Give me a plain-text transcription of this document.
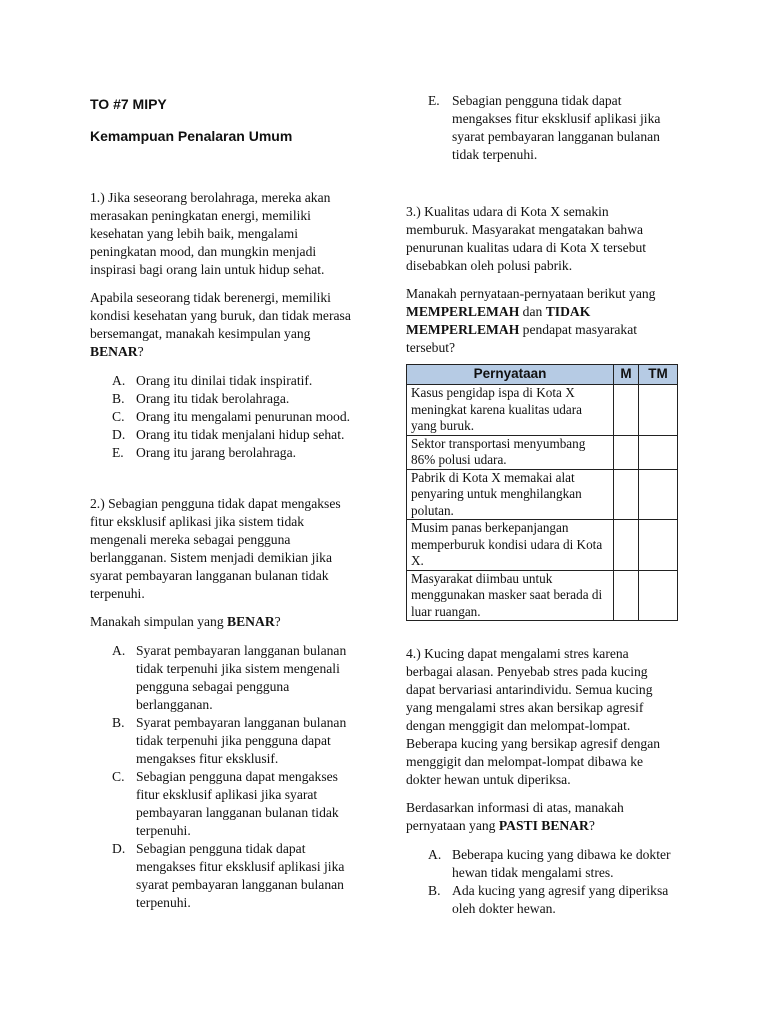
TO #7 MIPY
Kemampuan Penalaran Umum

1.) Jika seseorang berolahraga, mereka akan merasakan peningkatan energi, memiliki kesehatan yang lebih baik, mengalami peningkatan mood, dan mungkin menjadi inspirasi bagi orang lain untuk hidup sehat.

Apabila seseorang tidak berenergi, memiliki kondisi kesehatan yang buruk, dan tidak merasa bersemangat, manakah kesimpulan yang BENAR?

A. Orang itu dinilai tidak inspiratif.
B. Orang itu tidak berolahraga.
C. Orang itu mengalami penurunan mood.
D. Orang itu tidak menjalani hidup sehat.
E. Orang itu jarang berolahraga.

2.) Sebagian pengguna tidak dapat mengakses fitur eksklusif aplikasi jika sistem tidak mengenali mereka sebagai pengguna berlangganan. Sistem menjadi demikian jika syarat pembayaran langganan bulanan tidak terpenuhi.

Manakah simpulan yang BENAR?

A. Syarat pembayaran langganan bulanan tidak terpenuhi jika sistem mengenali pengguna sebagai pengguna berlangganan.
B. Syarat pembayaran langganan bulanan tidak terpenuhi jika pengguna dapat mengakses fitur eksklusif.
C. Sebagian pengguna dapat mengakses fitur eksklusif aplikasi jika syarat pembayaran langganan bulanan tidak terpenuhi.
D. Sebagian pengguna tidak dapat mengakses fitur eksklusif aplikasi jika syarat pembayaran langganan bulanan terpenuhi.
E. Sebagian pengguna tidak dapat mengakses fitur eksklusif aplikasi jika syarat pembayaran langganan bulanan tidak terpenuhi.

3.) Kualitas udara di Kota X semakin memburuk. Masyarakat mengatakan bahwa penurunan kualitas udara di Kota X tersebut disebabkan oleh polusi pabrik.

Manakah pernyataan-pernyataan berikut yang MEMPERLEMAH dan TIDAK MEMPERLEMAH pendapat masyarakat tersebut?

Pernyataan	M	TM
Kasus pengidap ispa di Kota X meningkat karena kualitas udara yang buruk.		
Sektor transportasi menyumbang 86% polusi udara.		
Pabrik di Kota X memakai alat penyaring untuk menghilangkan polutan.		
Musim panas berkepanjangan memperburuk kondisi udara di Kota X.		
Masyarakat diimbau untuk menggunakan masker saat berada di luar ruangan.		

4.) Kucing dapat mengalami stres karena berbagai alasan. Penyebab stres pada kucing dapat bervariasi antarindividu. Semua kucing yang mengalami stres akan bersikap agresif dengan menggigit dan melompat-lompat. Beberapa kucing yang bersikap agresif dengan menggigit dan melompat-lompat dibawa ke dokter hewan untuk diperiksa.

Berdasarkan informasi di atas, manakah pernyataan yang PASTI BENAR?

A. Beberapa kucing yang dibawa ke dokter hewan tidak mengalami stres.
B. Ada kucing yang agresif yang diperiksa oleh dokter hewan.
